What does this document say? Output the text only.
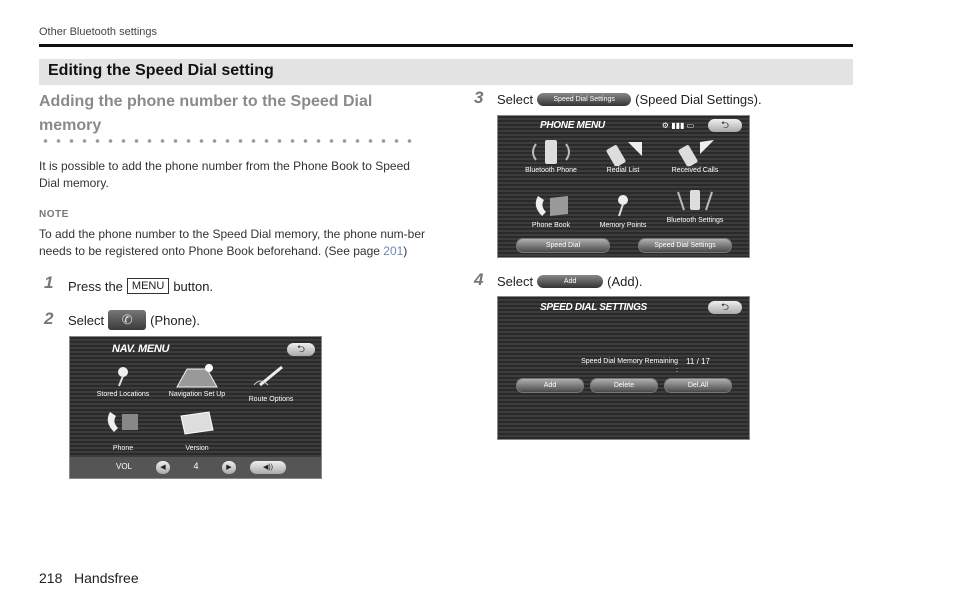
Other Bluetooth settings
Editing the Speed Dial setting
Adding the phone number to the Speed Dial memory
It is possible to add the phone number from the Phone Book to Speed Dial memory.
NOTE
To add the phone number to the Speed Dial memory, the phone num-ber needs to be registered onto Phone Book beforehand. (See page 201)
1 Press the MENU button.
2 Select	✆	(Phone).
NAV. MENU	⮌
Stored Locations	Navigation Set Up
Route Options
Phone	Version
VOL	◀	4	▶	◀))
3 Select	Speed Dial Settings	(Speed Dial Settings).
PHONE MENU	⚙ ▮▮▮ ▭	⮌
Bluetooth Phone	Redial List	Received Calls
Phone Book	Memory Points
Bluetooth Settings
Speed Dial	Speed Dial Settings
4 Select	Add	(Add).
SPEED DIAL SETTINGS	⮌
Speed Dial Memory Remaining :
11 / 17
Add	Delete	Del.All
218 Handsfree
